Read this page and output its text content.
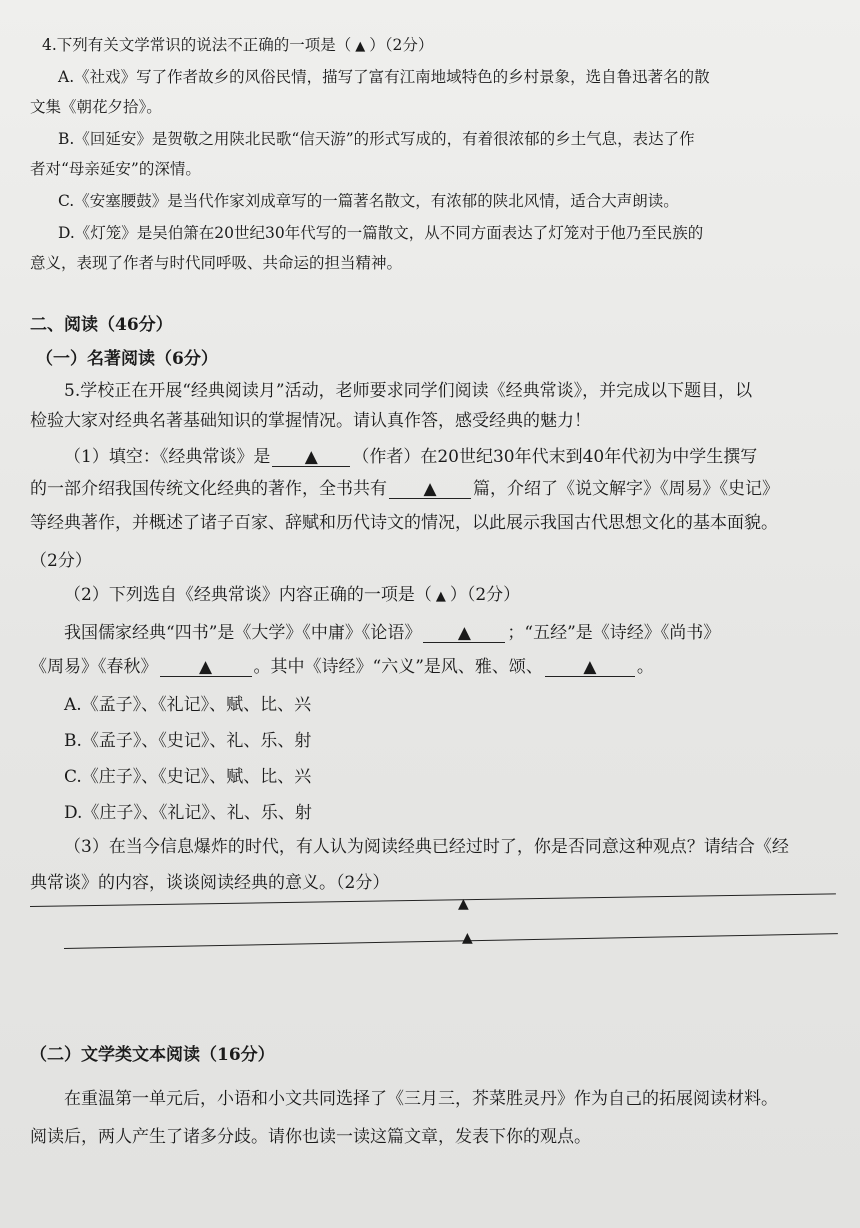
4.下列有关文学常识的说法不正确的一项是（ ▲ ）（2分）
A.《社戏》写了作者故乡的风俗民情，描写了富有江南地域特色的乡村景象，选自鲁迅著名的散
文集《朝花夕拾》。
B.《回延安》是贺敬之用陕北民歌“信天游”的形式写成的，有着很浓郁的乡土气息，表达了作
者对“母亲延安”的深情。
C.《安塞腰鼓》是当代作家刘成章写的一篇著名散文，有浓郁的陕北风情，适合大声朗读。
D.《灯笼》是吴伯箫在20世纪30年代写的一篇散文，从不同方面表达了灯笼对于他乃至民族的
意义，表现了作者与时代同呼吸、共命运的担当精神。
二、阅读（46分）
（一）名著阅读（6分）
5.学校正在开展“经典阅读月”活动，老师要求同学们阅读《经典常谈》，并完成以下题目，以
检验大家对经典名著基础知识的掌握情况。请认真作答，感受经典的魅力！
（1）填空：《经典常谈》是 ▲ （作者）在20世纪30年代末到40年代初为中学生撰写
的一部介绍我国传统文化经典的著作，全书共有 ▲ 篇，介绍了《说文解字》《周易》《史记》
等经典著作，并概述了诸子百家、辞赋和历代诗文的情况，以此展示我国古代思想文化的基本面貌。
（2分）
（2）下列选自《经典常谈》内容正确的一项是（ ▲ ）（2分）
我国儒家经典“四书”是《大学》《中庸》《论语》 ▲ ；“五经”是《诗经》《尚书》
《周易》《春秋》 ▲ 。其中《诗经》“六义”是风、雅、颂、 ▲ 。
A.《孟子》、《礼记》、赋、比、兴
B.《孟子》、《史记》、礼、乐、射
C.《庄子》、《史记》、赋、比、兴
D.《庄子》、《礼记》、礼、乐、射
（3）在当今信息爆炸的时代，有人认为阅读经典已经过时了，你是否同意这种观点？请结合《经
典常谈》的内容，谈谈阅读经典的意义。（2分）
▲
▲
（二）文学类文本阅读（16分）
在重温第一单元后，小语和小文共同选择了《三月三，芥菜胜灵丹》作为自己的拓展阅读材料。
阅读后，两人产生了诸多分歧。请你也读一读这篇文章，发表下你的观点。
